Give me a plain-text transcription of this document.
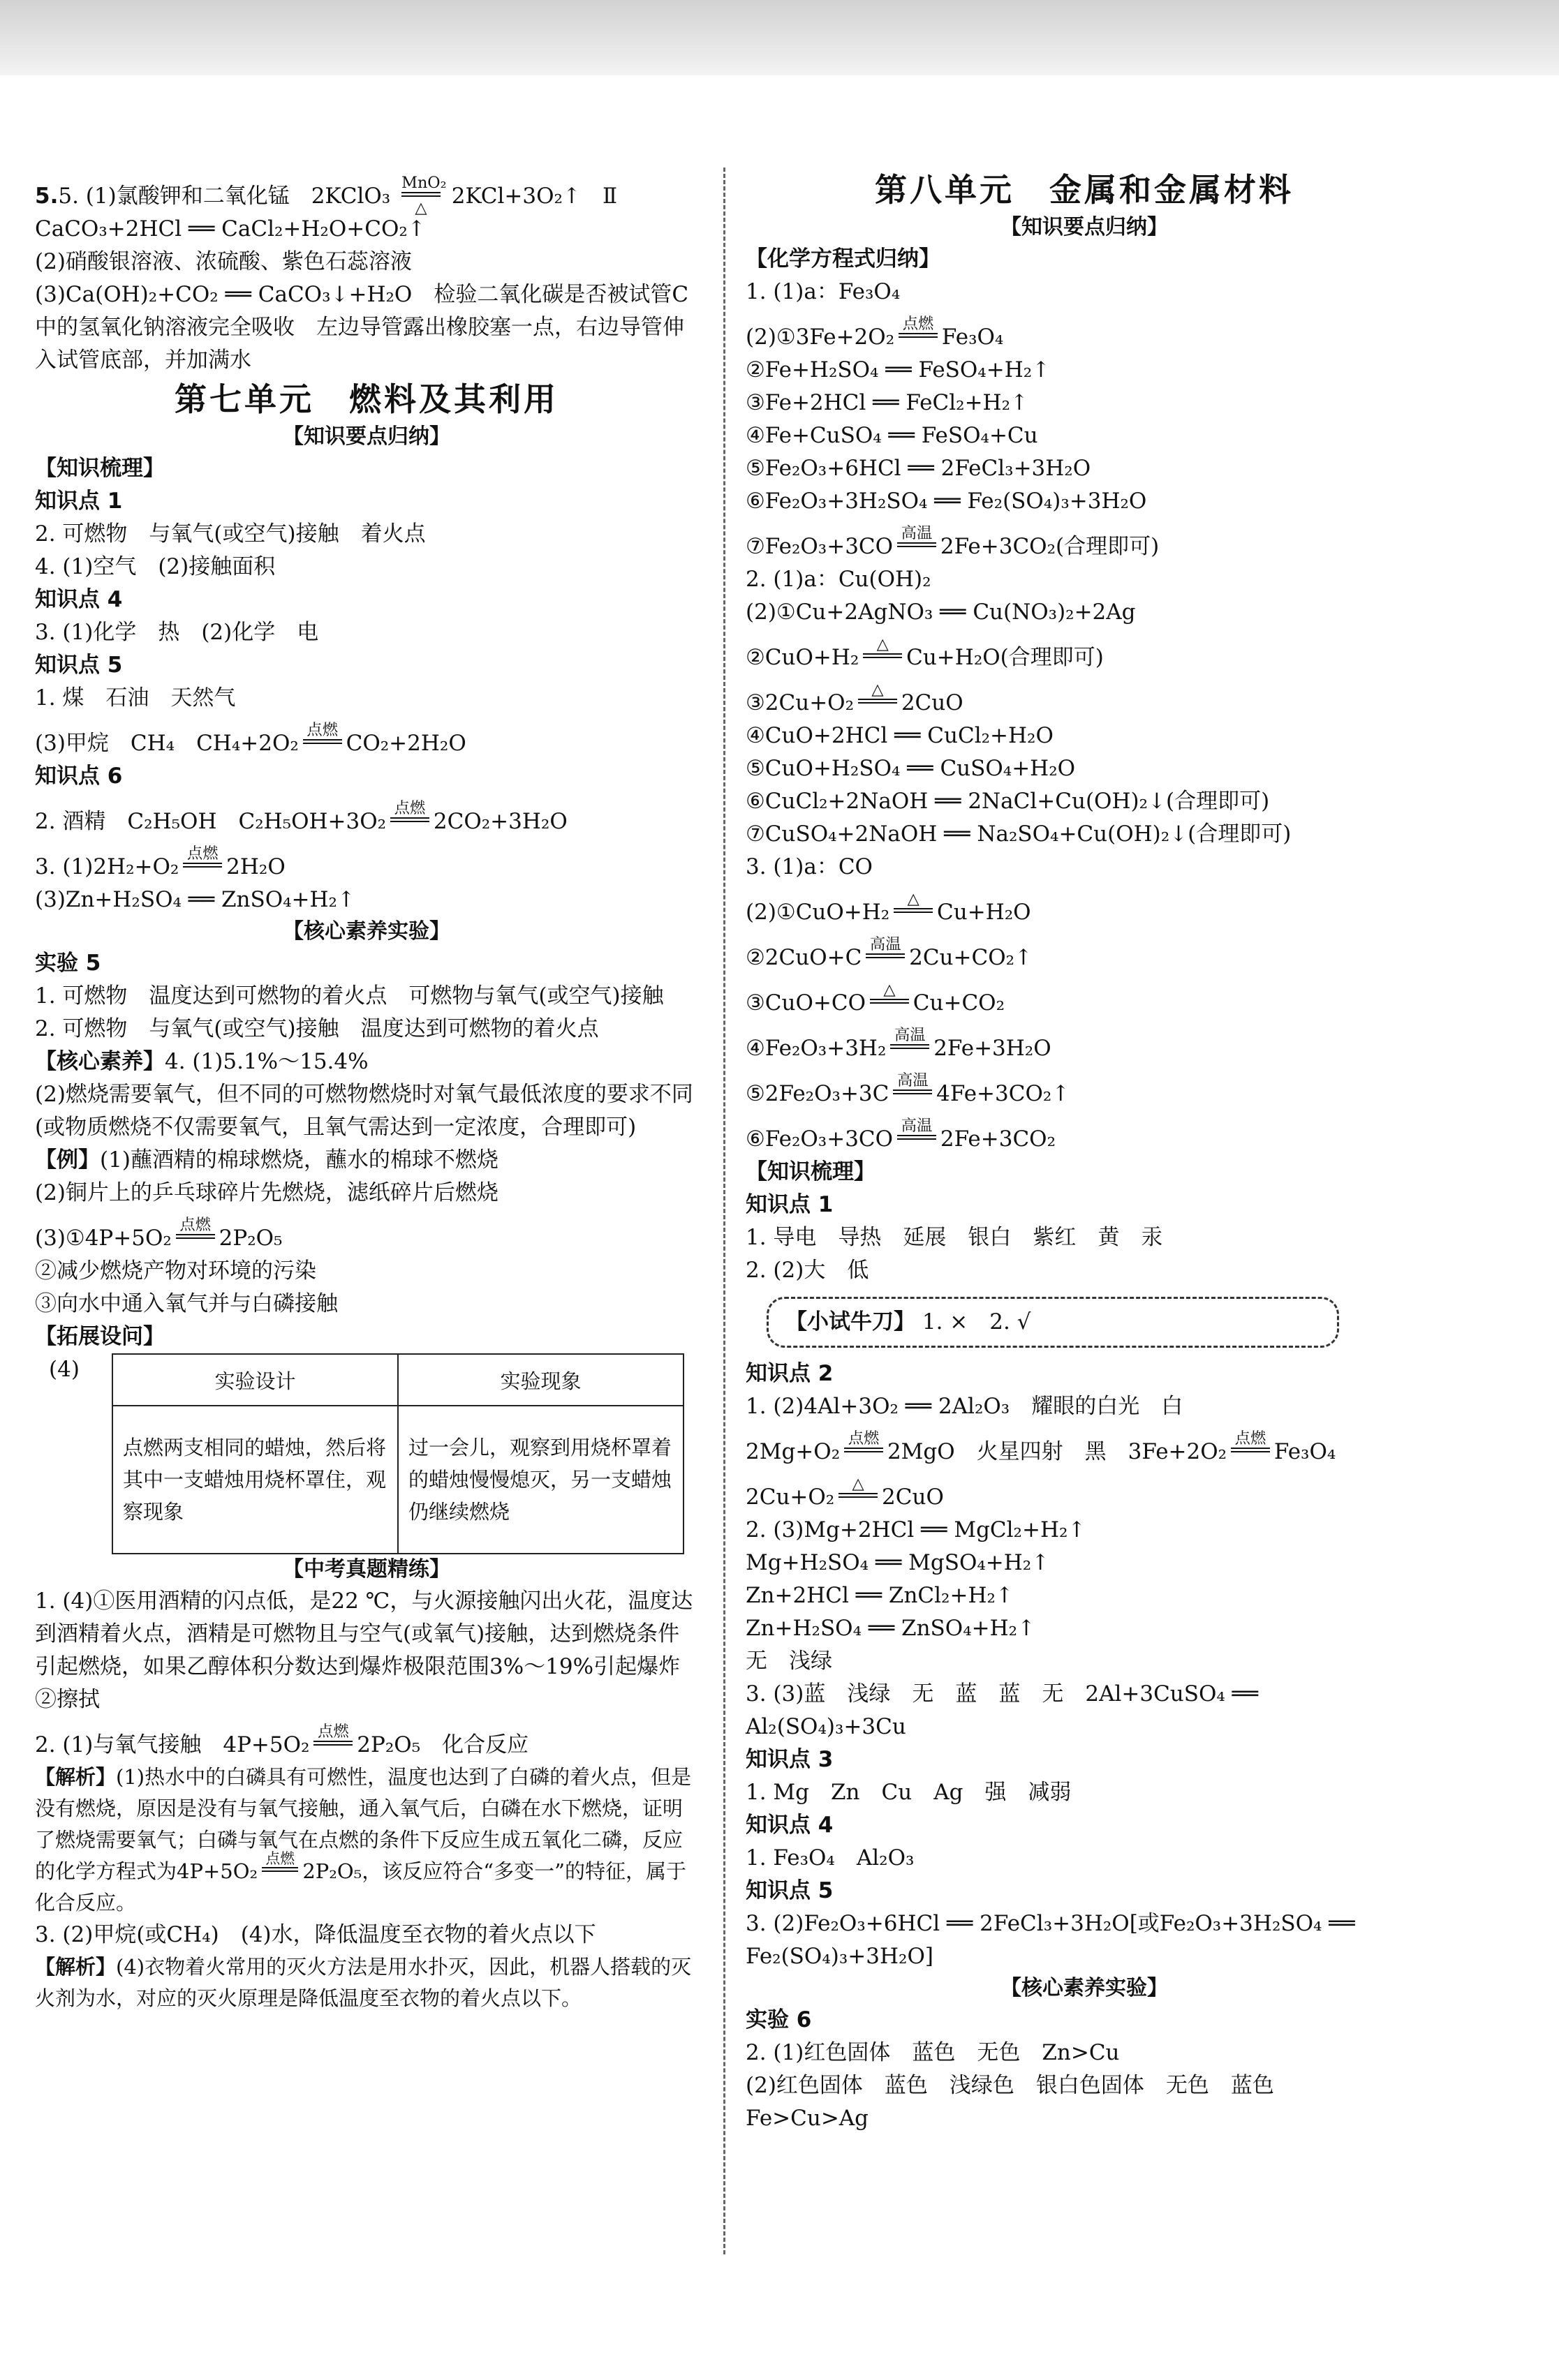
5.5. (1)氯酸钾和二氧化锰　2KClO₃
MnO₂
△	2KCl+3O₂↑　Ⅱ
CaCO₃+2HCl ══ CaCl₂+H₂O+CO₂↑
(2)硝酸银溶液、浓硫酸、紫色石蕊溶液
(3)Ca(OH)₂+CO₂ ══ CaCO₃↓+H₂O　检验二氧化碳是否被试管C中的氢氧化钠溶液完全吸收　左边导管露出橡胶塞一点，右边导管伸入试管底部，并加满水
第七单元　燃料及其利用
【知识要点归纳】
【知识梳理】
知识点 1
2. 可燃物　与氧气(或空气)接触　着火点
4. (1)空气　(2)接触面积
知识点 4
3. (1)化学　热　(2)化学　电
知识点 5
1. 煤　石油　天然气
(3)甲烷　CH₄　CH₄+2O₂
点燃
CO₂+2H₂O
知识点 6
2. 酒精　C₂H₅OH　C₂H₅OH+3O₂
点燃
2CO₂+3H₂O
3. (1)2H₂+O₂
点燃
2H₂O
(3)Zn+H₂SO₄ ══ ZnSO₄+H₂↑
【核心素养实验】
实验 5
1. 可燃物　温度达到可燃物的着火点　可燃物与氧气(或空气)接触
2. 可燃物　与氧气(或空气)接触　温度达到可燃物的着火点
【核心素养】4. (1)5.1%～15.4%
(2)燃烧需要氧气，但不同的可燃物燃烧时对氧气最低浓度的要求不同(或物质燃烧不仅需要氧气，且氧气需达到一定浓度，合理即可)
【例】(1)蘸酒精的棉球燃烧，蘸水的棉球不燃烧
(2)铜片上的乒乓球碎片先燃烧，滤纸碎片后燃烧
(3)①4P+5O₂
点燃
2P₂O₅
②减少燃烧产物对环境的污染
③向水中通入氧气并与白磷接触
【拓展设问】
(4)	实验设计	实验现象
点燃两支相同的蜡烛，然后将其中一支蜡烛用烧杯罩住，观察现象	过一会儿，观察到用烧杯罩着的蜡烛慢慢熄灭，另一支蜡烛仍继续燃烧
【中考真题精练】
1. (4)①医用酒精的闪点低，是22 ℃，与火源接触闪出火花，温度达到酒精着火点，酒精是可燃物且与空气(或氧气)接触，达到燃烧条件引起燃烧，如果乙醇体积分数达到爆炸极限范围3%～19%引起爆炸　②擦拭
2. (1)与氧气接触　4P+5O₂
点燃
2P₂O₅　化合反应
【解析】(1)热水中的白磷具有可燃性，温度也达到了白磷的着火点，但是没有燃烧，原因是没有与氧气接触，通入氧气后，白磷在水下燃烧，证明了燃烧需要氧气；白磷与氧气在点燃的条件下反应生成五氧化二磷，反应的化学方程式为4P+5O₂
点燃
2P₂O₅，该反应符合“多变一”的特征，属于化合反应。
3. (2)甲烷(或CH₄)　(4)水，降低温度至衣物的着火点以下
【解析】(4)衣物着火常用的灭火方法是用水扑灭，因此，机器人搭载的灭火剂为水，对应的灭火原理是降低温度至衣物的着火点以下。
第八单元　金属和金属材料
【知识要点归纳】
【化学方程式归纳】
1. (1)a：Fe₃O₄
(2)①3Fe+2O₂
点燃
Fe₃O₄
②Fe+H₂SO₄ ══ FeSO₄+H₂↑
③Fe+2HCl ══ FeCl₂+H₂↑
④Fe+CuSO₄ ══ FeSO₄+Cu
⑤Fe₂O₃+6HCl ══ 2FeCl₃+3H₂O
⑥Fe₂O₃+3H₂SO₄ ══ Fe₂(SO₄)₃+3H₂O
⑦Fe₂O₃+3CO
高温
2Fe+3CO₂(合理即可)
2. (1)a：Cu(OH)₂
(2)①Cu+2AgNO₃ ══ Cu(NO₃)₂+2Ag
②CuO+H₂
△
Cu+H₂O(合理即可)
③2Cu+O₂
△
2CuO
④CuO+2HCl ══ CuCl₂+H₂O
⑤CuO+H₂SO₄ ══ CuSO₄+H₂O
⑥CuCl₂+2NaOH ══ 2NaCl+Cu(OH)₂↓(合理即可)
⑦CuSO₄+2NaOH ══ Na₂SO₄+Cu(OH)₂↓(合理即可)
3. (1)a：CO
(2)①CuO+H₂
△
Cu+H₂O
②2CuO+C
高温
2Cu+CO₂↑
③CuO+CO
△
Cu+CO₂
④Fe₂O₃+3H₂
高温
2Fe+3H₂O
⑤2Fe₂O₃+3C
高温
4Fe+3CO₂↑
⑥Fe₂O₃+3CO
高温
2Fe+3CO₂
【知识梳理】
知识点 1
1. 导电　导热　延展　银白　紫红　黄　汞
2. (2)大　低
【小试牛刀】 1. ×　2. √
知识点 2
1. (2)4Al+3O₂ ══ 2Al₂O₃　耀眼的白光　白
2Mg+O₂
点燃
2MgO　火星四射　黑　3Fe+2O₂
点燃
Fe₃O₄
2Cu+O₂
△
2CuO
2. (3)Mg+2HCl ══ MgCl₂+H₂↑
Mg+H₂SO₄ ══ MgSO₄+H₂↑
Zn+2HCl ══ ZnCl₂+H₂↑
Zn+H₂SO₄ ══ ZnSO₄+H₂↑
无　浅绿
3. (3)蓝　浅绿　无　蓝　蓝　无　2Al+3CuSO₄ ══
Al₂(SO₄)₃+3Cu
知识点 3
1. Mg　Zn　Cu　Ag　强　减弱
知识点 4
1. Fe₃O₄　Al₂O₃
知识点 5
3. (2)Fe₂O₃+6HCl ══ 2FeCl₃+3H₂O[或Fe₂O₃+3H₂SO₄ ══
Fe₂(SO₄)₃+3H₂O]
【核心素养实验】
实验 6
2. (1)红色固体　蓝色　无色　Zn>Cu
(2)红色固体　蓝色　浅绿色　银白色固体　无色　蓝色
Fe>Cu>Ag
